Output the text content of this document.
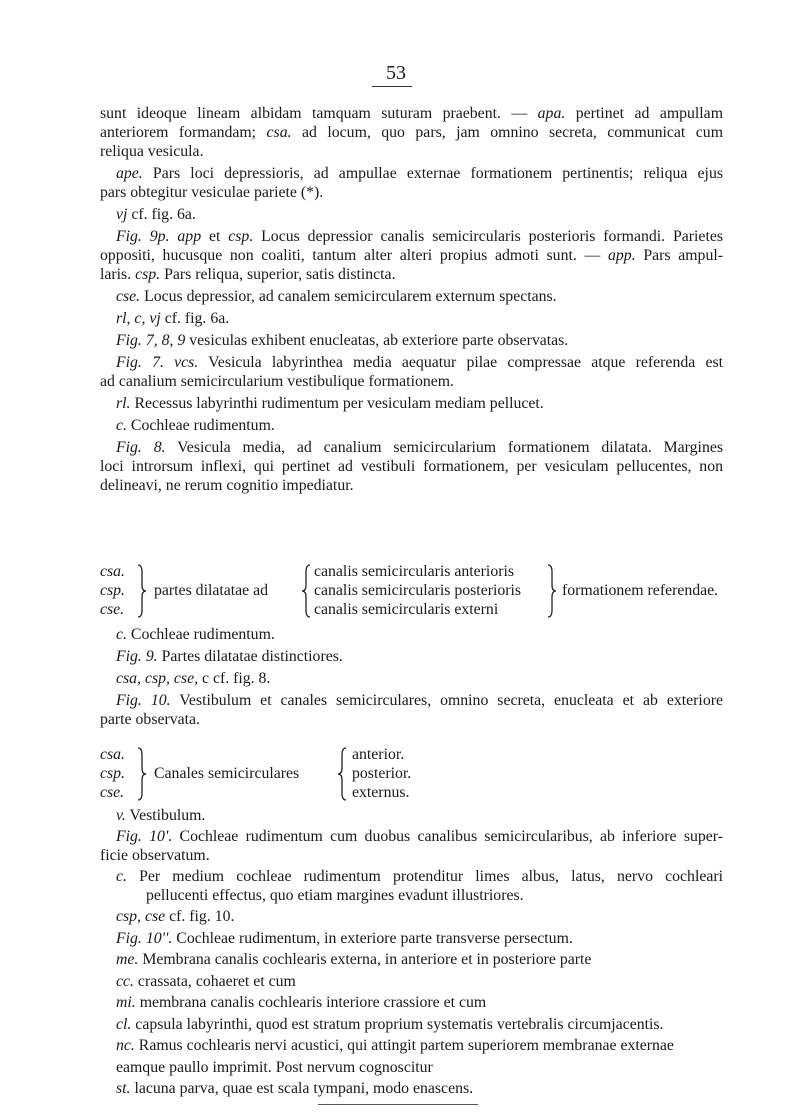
53
sunt ideoque lineam albidam tamquam suturam praebent. — apa. pertinet ad ampullam
anteriorem formandam; csa. ad locum, quo pars, jam omnino secreta, communicat cum
reliqua vesicula.
ape. Pars loci depressioris, ad ampullae externae formationem pertinentis; reliqua ejus
pars obtegitur vesiculae pariete (*).
vj cf. fig. 6a.
Fig. 9p. app et csp. Locus depressior canalis semicircularis posterioris formandi. Parietes
oppositi, hucusque non coaliti, tantum alter alteri propius admoti sunt. — app. Pars ampul-
laris. csp. Pars reliqua, superior, satis distincta.
cse. Locus depressior, ad canalem semicircularem externum spectans.
rl, c, vj cf. fig. 6a.
Fig. 7, 8, 9 vesiculas exhibent enucleatas, ab exteriore parte observatas.
Fig. 7. vcs. Vesicula labyrinthea media aequatur pilae compressae atque referenda est
ad canalium semicircularium vestibulique formationem.
rl. Recessus labyrinthi rudimentum per vesiculam mediam pellucet.
c. Cochleae rudimentum.
Fig. 8. Vesicula media, ad canalium semicircularium formationem dilatata. Margines
loci introrsum inflexi, qui pertinet ad vestibuli formationem, per vesiculam pellucentes, non
delineavi, ne rerum cognitio impediatur.
csa.
csp.
cse.
partes dilatatae ad
canalis semicircularis anterioris
canalis semicircularis posterioris
canalis semicircularis externi
formationem referendae.
c. Cochleae rudimentum.
Fig. 9. Partes dilatatae distinctiores.
csa, csp, cse, c cf. fig. 8.
Fig. 10. Vestibulum et canales semicirculares, omnino secreta, enucleata et ab exteriore
parte observata.
csa.
csp.
cse.
Canales semicirculares
anterior.
posterior.
externus.
v. Vestibulum.
Fig. 10'. Cochleae rudimentum cum duobus canalibus semicircularibus, ab inferiore super-
ficie observatum.
c. Per medium cochleae rudimentum protenditur limes albus, latus, nervo cochleari
pellucenti effectus, quo etiam margines evadunt illustriores.
csp, cse cf. fig. 10.
Fig. 10''. Cochleae rudimentum, in exteriore parte transverse persectum.
me. Membrana canalis cochlearis externa, in anteriore et in posteriore parte
cc. crassata, cohaeret et cum
mi. membrana canalis cochlearis interiore crassiore et cum
cl. capsula labyrinthi, quod est stratum proprium systematis vertebralis circumjacentis.
nc. Ramus cochlearis nervi acustici, qui attingit partem superiorem membranae externae
eamque paullo imprimit. Post nervum cognoscitur
st. lacuna parva, quae est scala tympani, modo enascens.
